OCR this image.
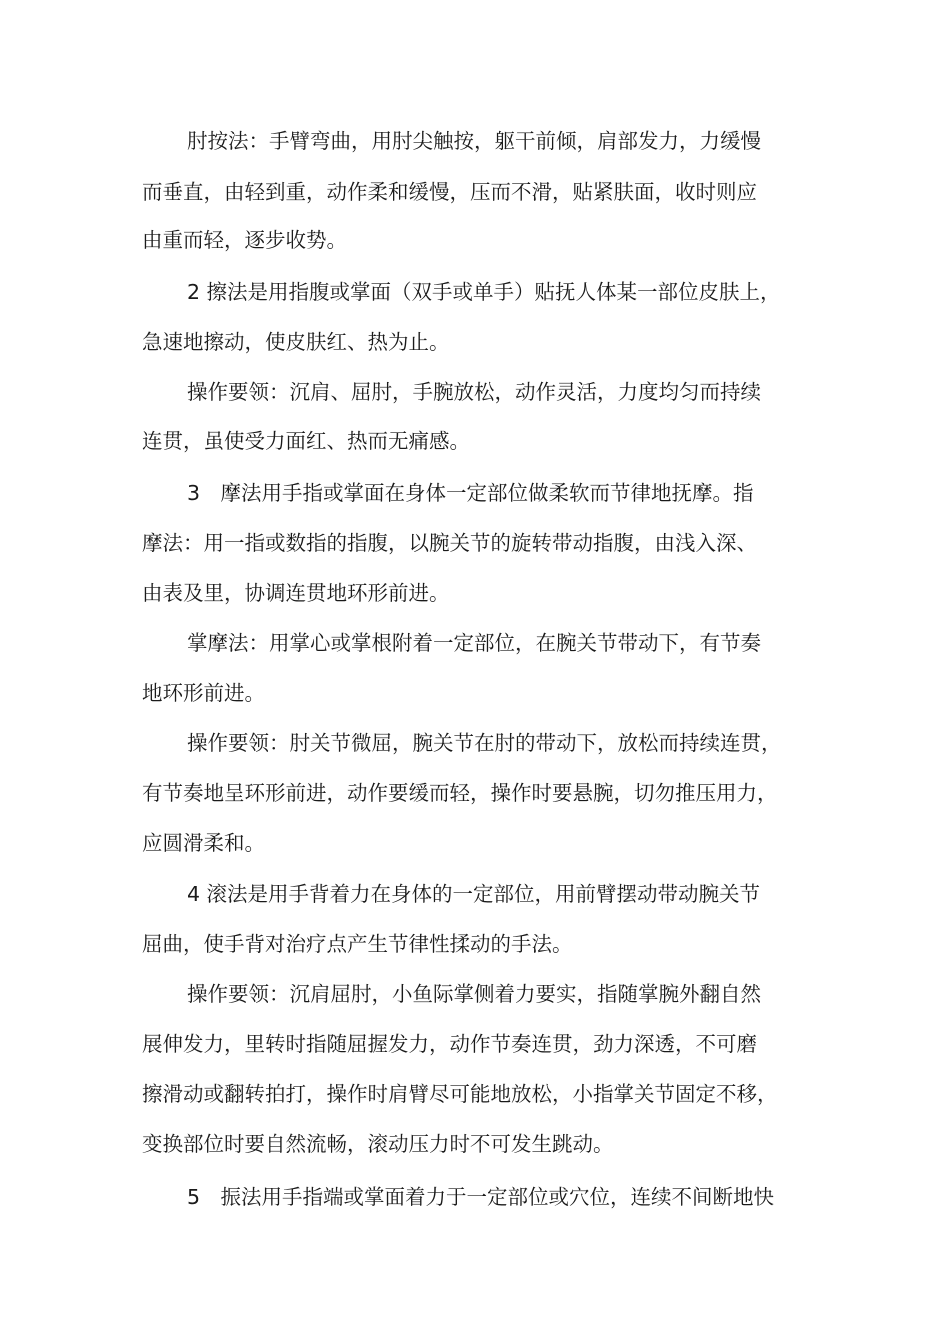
肘按法：手臂弯曲，用肘尖触按，躯干前倾，肩部发力，力缓慢
而垂直，由轻到重，动作柔和缓慢，压而不滑，贴紧肤面，收时则应
由重而轻，逐步收势。
2 擦法是用指腹或掌面（双手或单手）贴抚人体某一部位皮肤上，
急速地擦动，使皮肤红、热为止。
操作要领：沉肩、屈肘，手腕放松，动作灵活，力度均匀而持续
连贯，虽使受力面红、热而无痛感。
3　摩法用手指或掌面在身体一定部位做柔软而节律地抚摩。指
摩法：用一指或数指的指腹，以腕关节的旋转带动指腹，由浅入深、
由表及里，协调连贯地环形前进。
掌摩法：用掌心或掌根附着一定部位，在腕关节带动下，有节奏
地环形前进。
操作要领：肘关节微屈，腕关节在肘的带动下，放松而持续连贯，
有节奏地呈环形前进，动作要缓而轻，操作时要悬腕，切勿推压用力，
应圆滑柔和。
4 滚法是用手背着力在身体的一定部位，用前臂摆动带动腕关节
屈曲，使手背对治疗点产生节律性揉动的手法。
操作要领：沉肩屈肘，小鱼际掌侧着力要实，指随掌腕外翻自然
展伸发力，里转时指随屈握发力，动作节奏连贯，劲力深透，不可磨
擦滑动或翻转拍打，操作时肩臂尽可能地放松，小指掌关节固定不移，
变换部位时要自然流畅，滚动压力时不可发生跳动。
5　振法用手指端或掌面着力于一定部位或穴位，连续不间断地快
